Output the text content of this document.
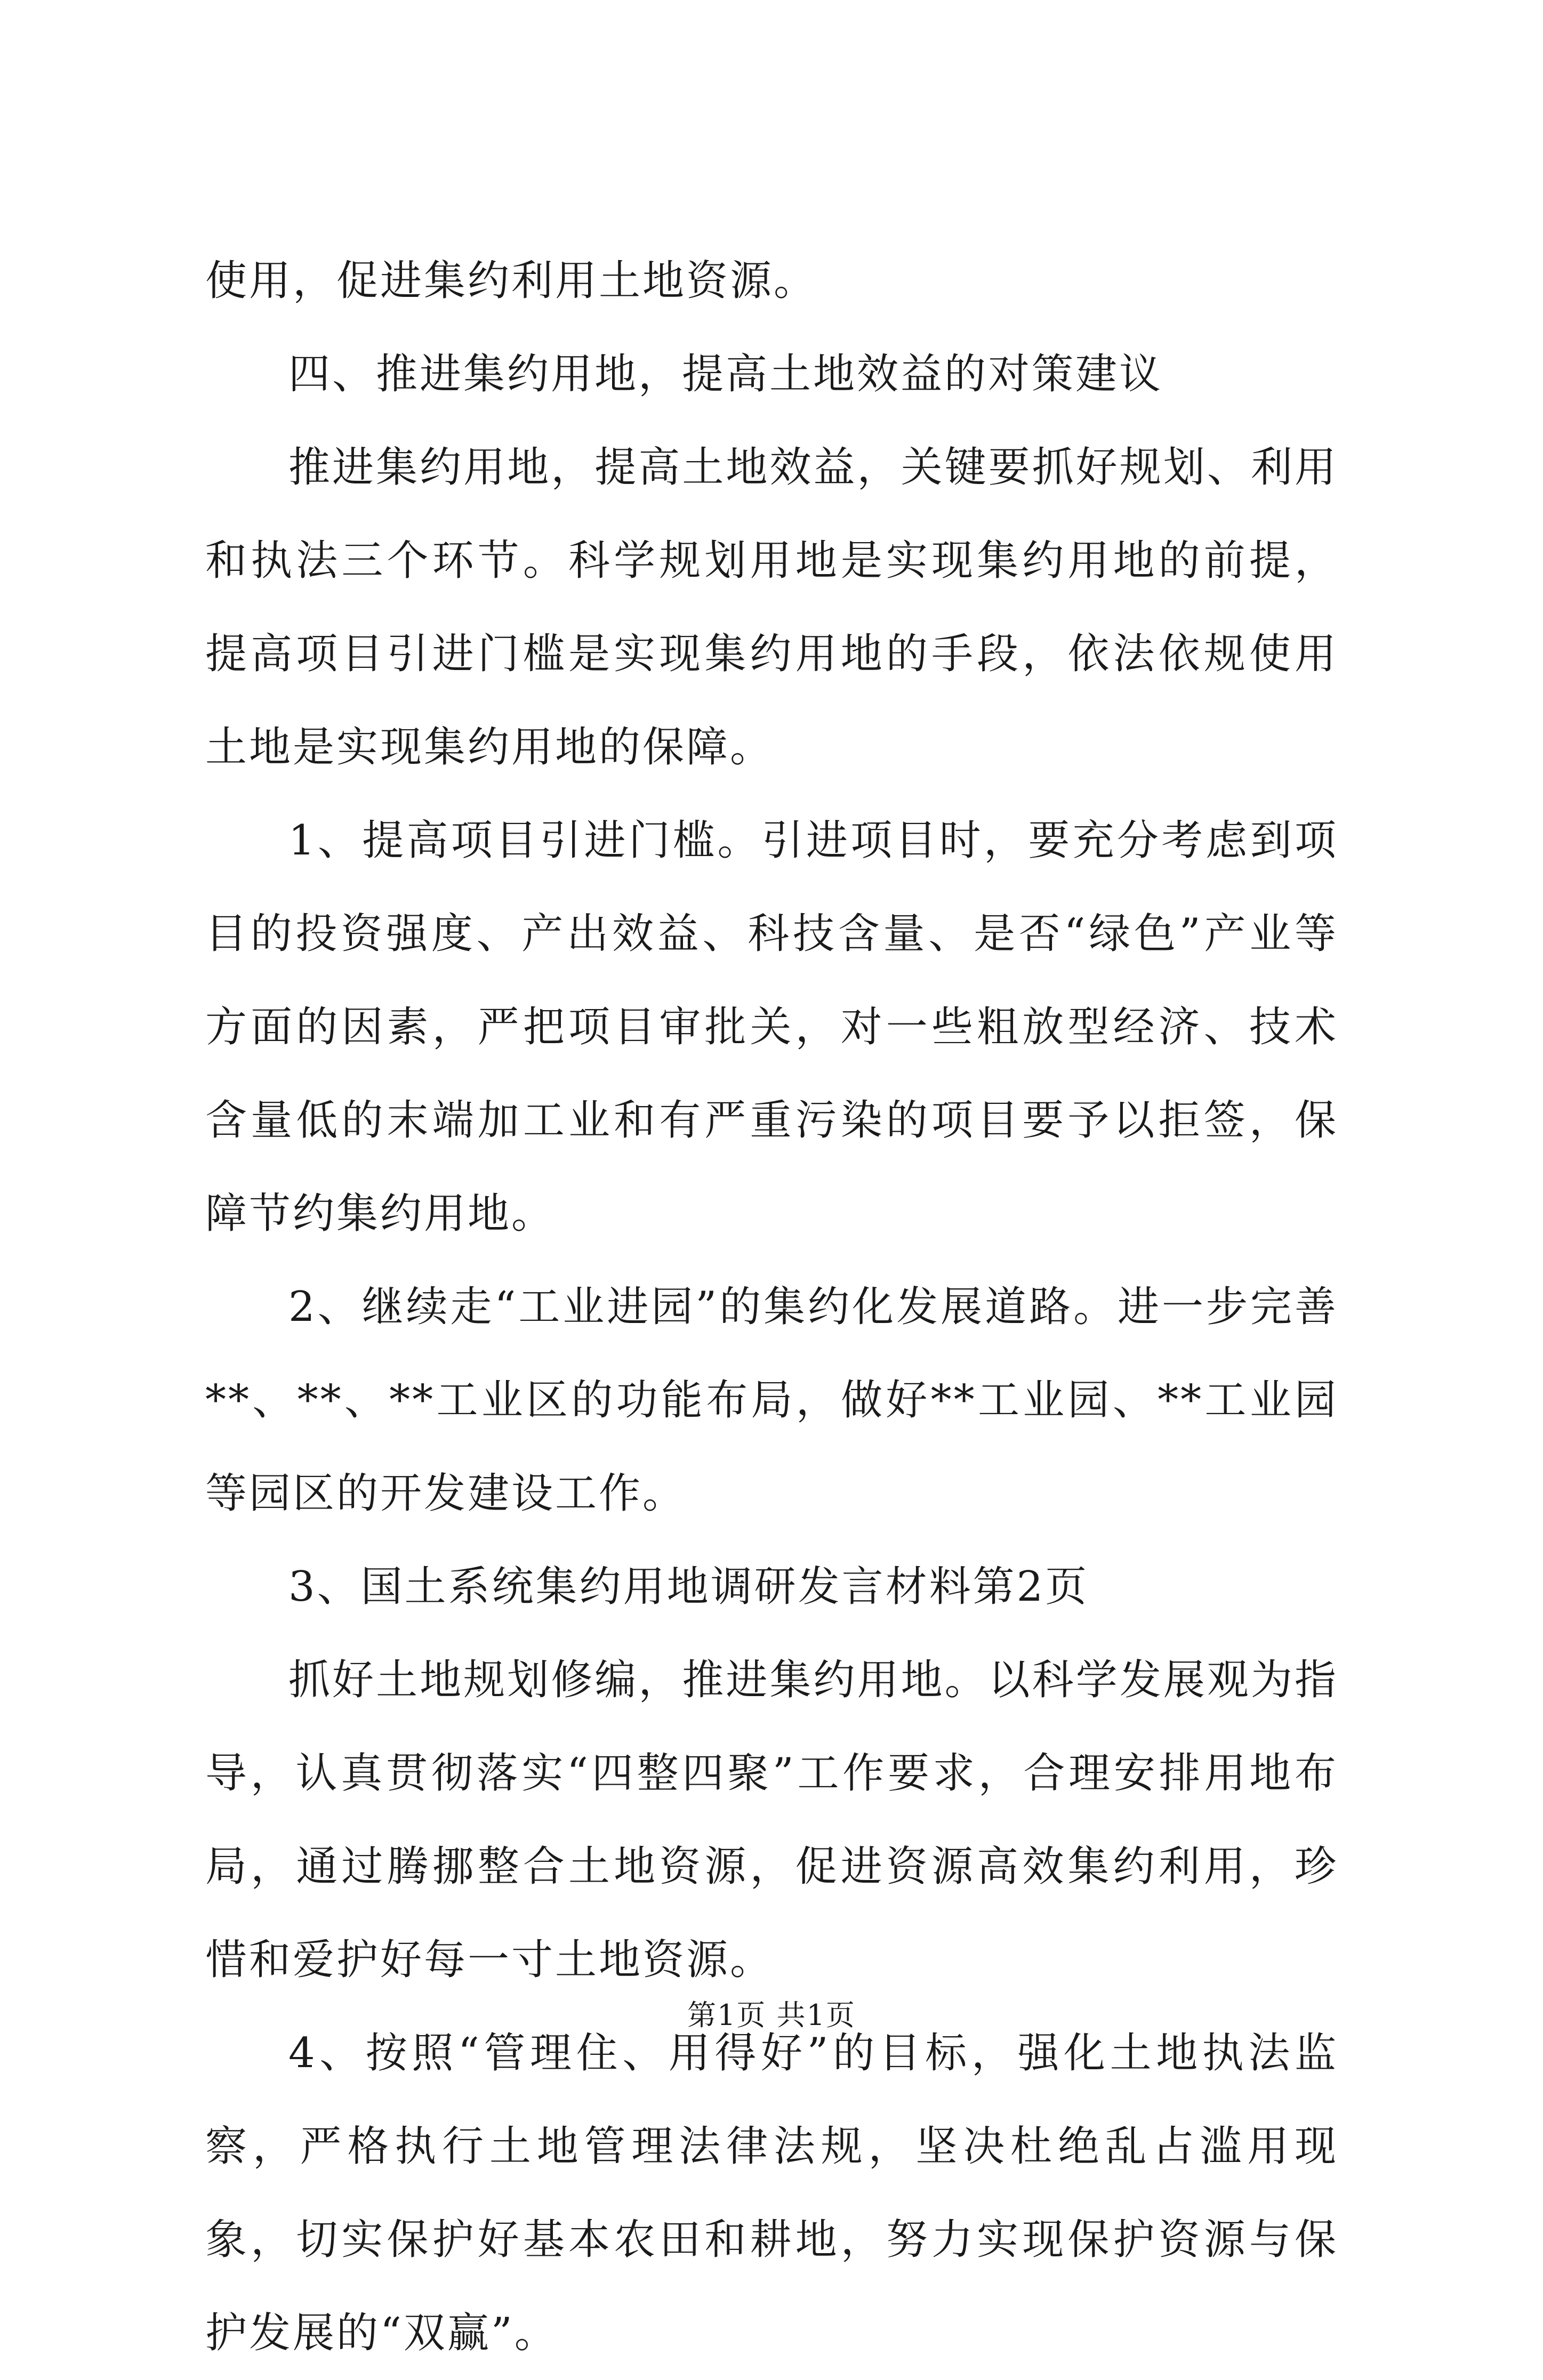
使用，促进集约利用土地资源。

四、推进集约用地，提高土地效益的对策建议

推进集约用地，提高土地效益，关键要抓好规划、利用和执法三个环节。科学规划用地是实现集约用地的前提，提高项目引进门槛是实现集约用地的手段，依法依规使用土地是实现集约用地的保障。

1、提高项目引进门槛。引进项目时，要充分考虑到项目的投资强度、产出效益、科技含量、是否“绿色”产业等方面的因素，严把项目审批关，对一些粗放型经济、技术含量低的末端加工业和有严重污染的项目要予以拒签，保障节约集约用地。

2、继续走“工业进园”的集约化发展道路。进一步完善**、**、**工业区的功能布局，做好**工业园、**工业园等园区的开发建设工作。

3、国土系统集约用地调研发言材料第2页

抓好土地规划修编，推进集约用地。以科学发展观为指导，认真贯彻落实“四整四聚”工作要求，合理安排用地布局，通过腾挪整合土地资源，促进资源高效集约利用，珍惜和爱护好每一寸土地资源。

4、按照“管理住、用得好”的目标，强化土地执法监察，严格执行土地管理法律法规，坚决杜绝乱占滥用现象，切实保护好基本农田和耕地，努力实现保护资源与保护发展的“双赢”。

第1页 共1页
